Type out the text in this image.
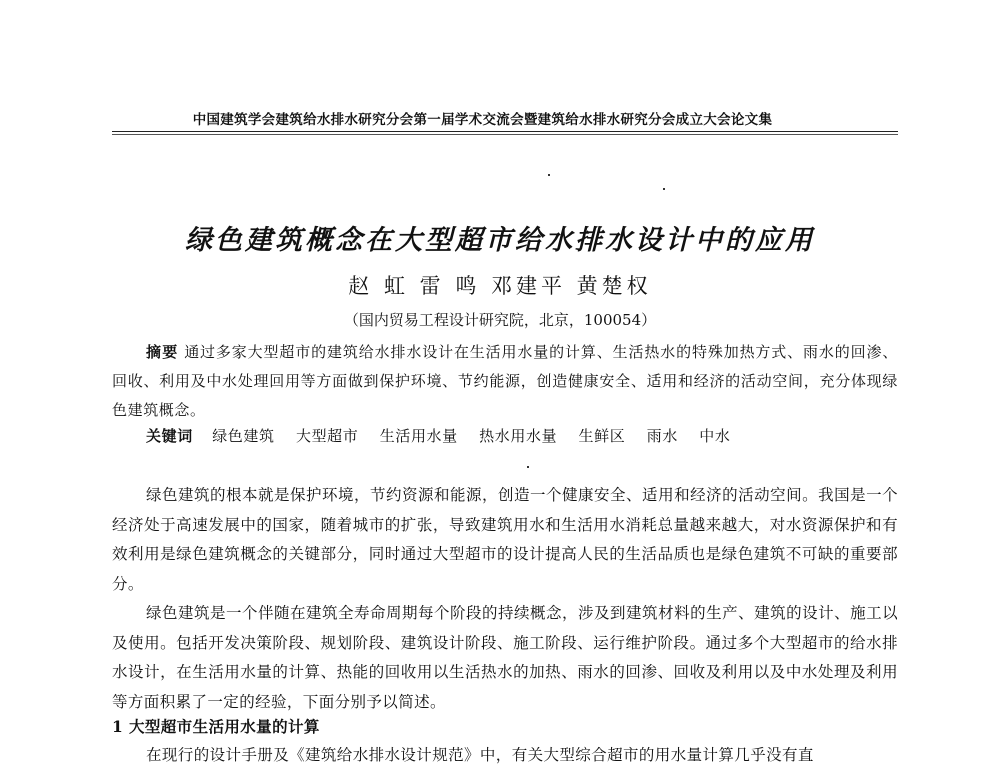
中国建筑学会建筑给水排水研究分会第一届学术交流会暨建筑给水排水研究分会成立大会论文集
绿色建筑概念在大型超市给水排水设计中的应用
赵 虹 雷 鸣 邓建平 黄楚权
（国内贸易工程设计研究院，北京，100054）
摘要 通过多家大型超市的建筑给水排水设计在生活用水量的计算、生活热水的特殊加热方式、雨水的回渗、回收、利用及中水处理回用等方面做到保护环境、节约能源，创造健康安全、适用和经济的活动空间，充分体现绿色建筑概念。
关键词 绿色建筑 大型超市 生活用水量 热水用水量 生鲜区 雨水 中水
绿色建筑的根本就是保护环境，节约资源和能源，创造一个健康安全、适用和经济的活动空间。我国是一个经济处于高速发展中的国家，随着城市的扩张，导致建筑用水和生活用水消耗总量越来越大，对水资源保护和有效利用是绿色建筑概念的关键部分，同时通过大型超市的设计提高人民的生活品质也是绿色建筑不可缺的重要部分。
绿色建筑是一个伴随在建筑全寿命周期每个阶段的持续概念，涉及到建筑材料的生产、建筑的设计、施工以及使用。包括开发决策阶段、规划阶段、建筑设计阶段、施工阶段、运行维护阶段。通过多个大型超市的给水排水设计，在生活用水量的计算、热能的回收用以生活热水的加热、雨水的回渗、回收及利用以及中水处理及利用等方面积累了一定的经验，下面分别予以简述。
1 大型超市生活用水量的计算
在现行的设计手册及《建筑给水排水设计规范》中，有关大型综合超市的用水量计算几乎没有直
